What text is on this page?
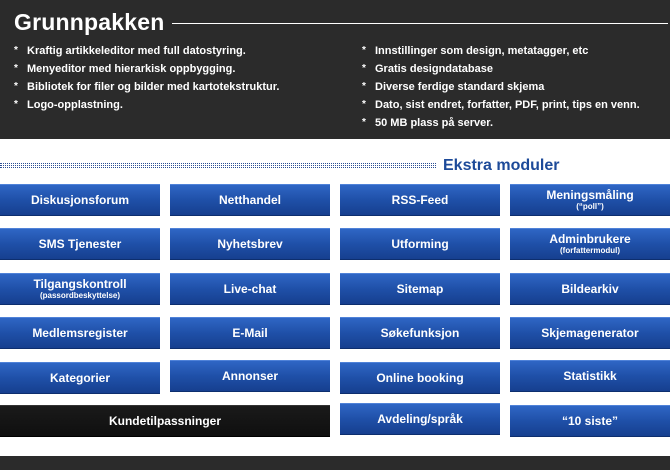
Grunnpakken
* Kraftig artikkeleditor med full datostyring.
* Menyeditor med hierarkisk oppbygging.
* Bibliotek for filer og bilder med kartotekstruktur.
* Logo-opplastning.
* Innstillinger som design, metatagger, etc
* Gratis designdatabase
* Diverse ferdige standard skjema
* Dato, sist endret, forfatter, PDF, print, tips en venn.
* 50 MB plass på server.
Ekstra moduler
Diskusjonsforum	Netthandel	RSS-Feed	Meningsmåling
(“poll”)
SMS Tjenester	Nyhetsbrev	Utforming	Adminbrukere
(forfattermodul)
Tilgangskontroll
(passordbeskyttelse)	Live-chat	Sitemap	Bildearkiv
Medlemsregister	E-Mail	Søkefunksjon	Skjemagenerator
Kategorier	Annonser	Online booking	Statistikk
Kundetilpassninger	Avdeling/språk	“10 siste”
